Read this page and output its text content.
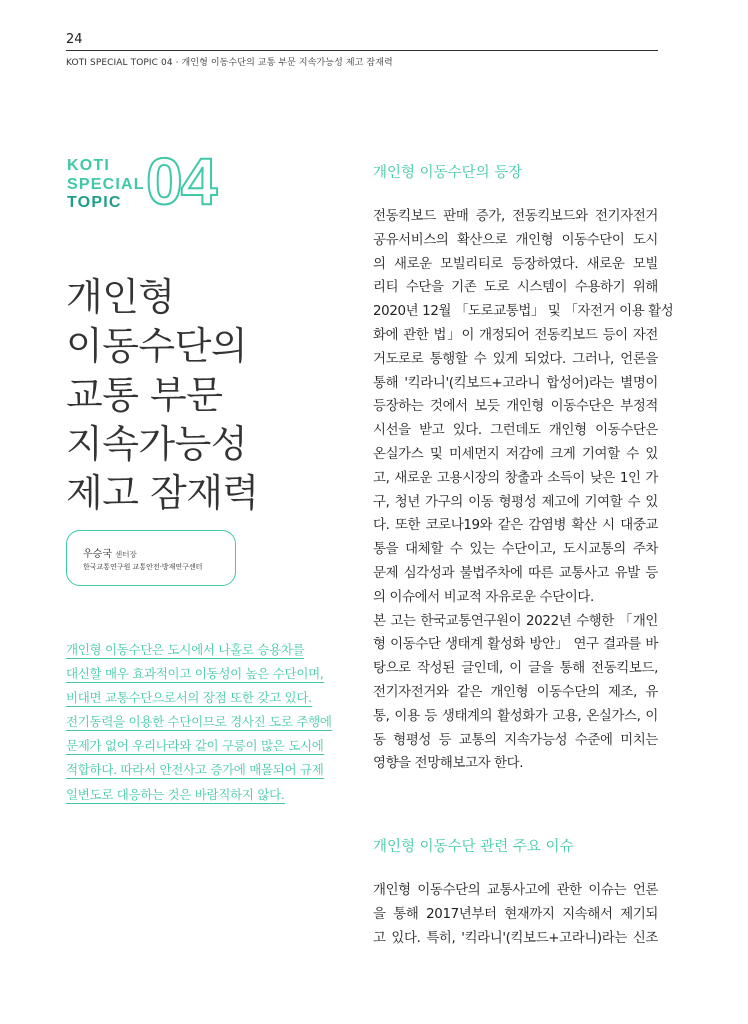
24
KOTI SPECIAL TOPIC 04 · 개인형 이동수단의 교통 부문 지속가능성 제고 잠재력
KOTI
SPECIAL
TOPIC 04
개인형
이동수단의
교통 부문
지속가능성
제고 잠재력
우승국 센터장
한국교통연구원 교통안전·방재연구센터
개인형 이동수단은 도시에서 나홀로 승용차를
대신할 매우 효과적이고 이동성이 높은 수단이며,
비대면 교통수단으로서의 장점 또한 갖고 있다.
전기동력을 이용한 수단이므로 경사진 도로 주행에
문제가 없어 우리나라와 같이 구릉이 많은 도시에
적합하다. 따라서 안전사고 증가에 매몰되어 규제
일변도로 대응하는 것은 바람직하지 않다.
개인형 이동수단의 등장
전동킥보드 판매 증가, 전동킥보드와 전기자전거
공유서비스의 확산으로 개인형 이동수단이 도시
의 새로운 모빌리티로 등장하였다. 새로운 모빌
리티 수단을 기존 도로 시스템이 수용하기 위해
2020년 12월 「도로교통법」 및 「자전거 이용 활성
화에 관한 법」이 개정되어 전동킥보드 등이 자전
거도로로 통행할 수 있게 되었다. 그러나, 언론을
통해 '킥라니'(킥보드+고라니 합성어)라는 별명이
등장하는 것에서 보듯 개인형 이동수단은 부정적
시선을 받고 있다. 그런데도 개인형 이동수단은
온실가스 및 미세먼지 저감에 크게 기여할 수 있
고, 새로운 고용시장의 창출과 소득이 낮은 1인 가
구, 청년 가구의 이동 형평성 제고에 기여할 수 있
다. 또한 코로나19와 같은 감염병 확산 시 대중교
통을 대체할 수 있는 수단이고, 도시교통의 주차
문제 심각성과 불법주차에 따른 교통사고 유발 등
의 이슈에서 비교적 자유로운 수단이다.
본 고는 한국교통연구원이 2022년 수행한 「개인
형 이동수단 생태계 활성화 방안」 연구 결과를 바
탕으로 작성된 글인데, 이 글을 통해 전동킥보드,
전기자전거와 같은 개인형 이동수단의 제조, 유
통, 이용 등 생태계의 활성화가 고용, 온실가스, 이
동 형평성 등 교통의 지속가능성 수준에 미치는
영향을 전망해보고자 한다.
개인형 이동수단 관련 주요 이슈
개인형 이동수단의 교통사고에 관한 이슈는 언론
을 통해 2017년부터 현재까지 지속해서 제기되
고 있다. 특히, '킥라니'(킥보드+고라니)라는 신조
